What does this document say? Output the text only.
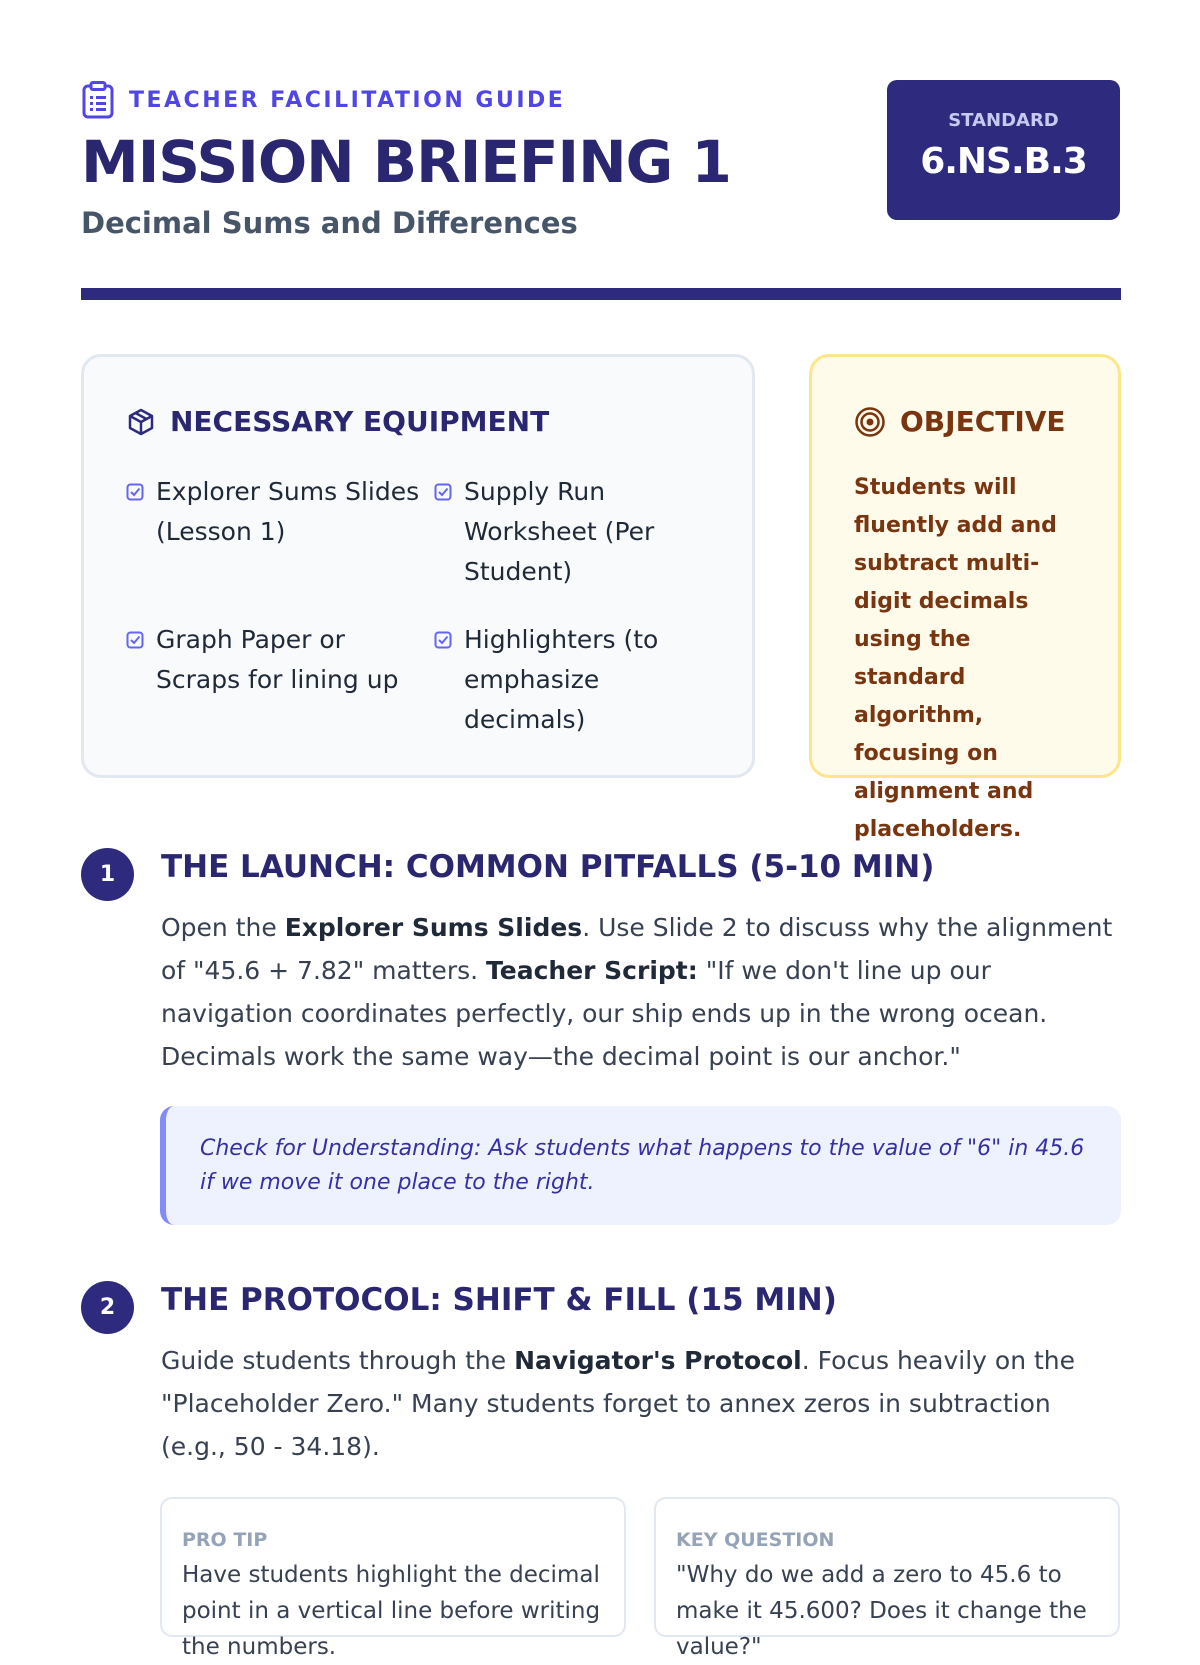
TEACHER FACILITATION GUIDE
MISSION BRIEFING 1
Decimal Sums and Differences
STANDARD
6.NS.B.3
NECESSARY EQUIPMENT
Explorer Sums Slides (Lesson 1)
Supply Run Worksheet (Per Student)
Graph Paper or Scraps for lining up
Highlighters (to emphasize decimals)
OBJECTIVE
Students will fluently add and subtract multi-digit decimals using the standard algorithm, focusing on alignment and placeholders.
1	THE LAUNCH: COMMON PITFALLS (5-10 MIN)
Open the Explorer Sums Slides. Use Slide 2 to discuss why the alignment of "45.6 + 7.82" matters. Teacher Script: "If we don't line up our navigation coordinates perfectly, our ship ends up in the wrong ocean. Decimals work the same way—the decimal point is our anchor."
Check for Understanding: Ask students what happens to the value of "6" in 45.6 if we move it one place to the right.
2	THE PROTOCOL: SHIFT & FILL (15 MIN)
Guide students through the Navigator's Protocol. Focus heavily on the "Placeholder Zero." Many students forget to annex zeros in subtraction (e.g., 50 - 34.18).
PRO TIP
Have students highlight the decimal point in a vertical line before writing the numbers.
KEY QUESTION
"Why do we add a zero to 45.6 to make it 45.600? Does it change the value?"
